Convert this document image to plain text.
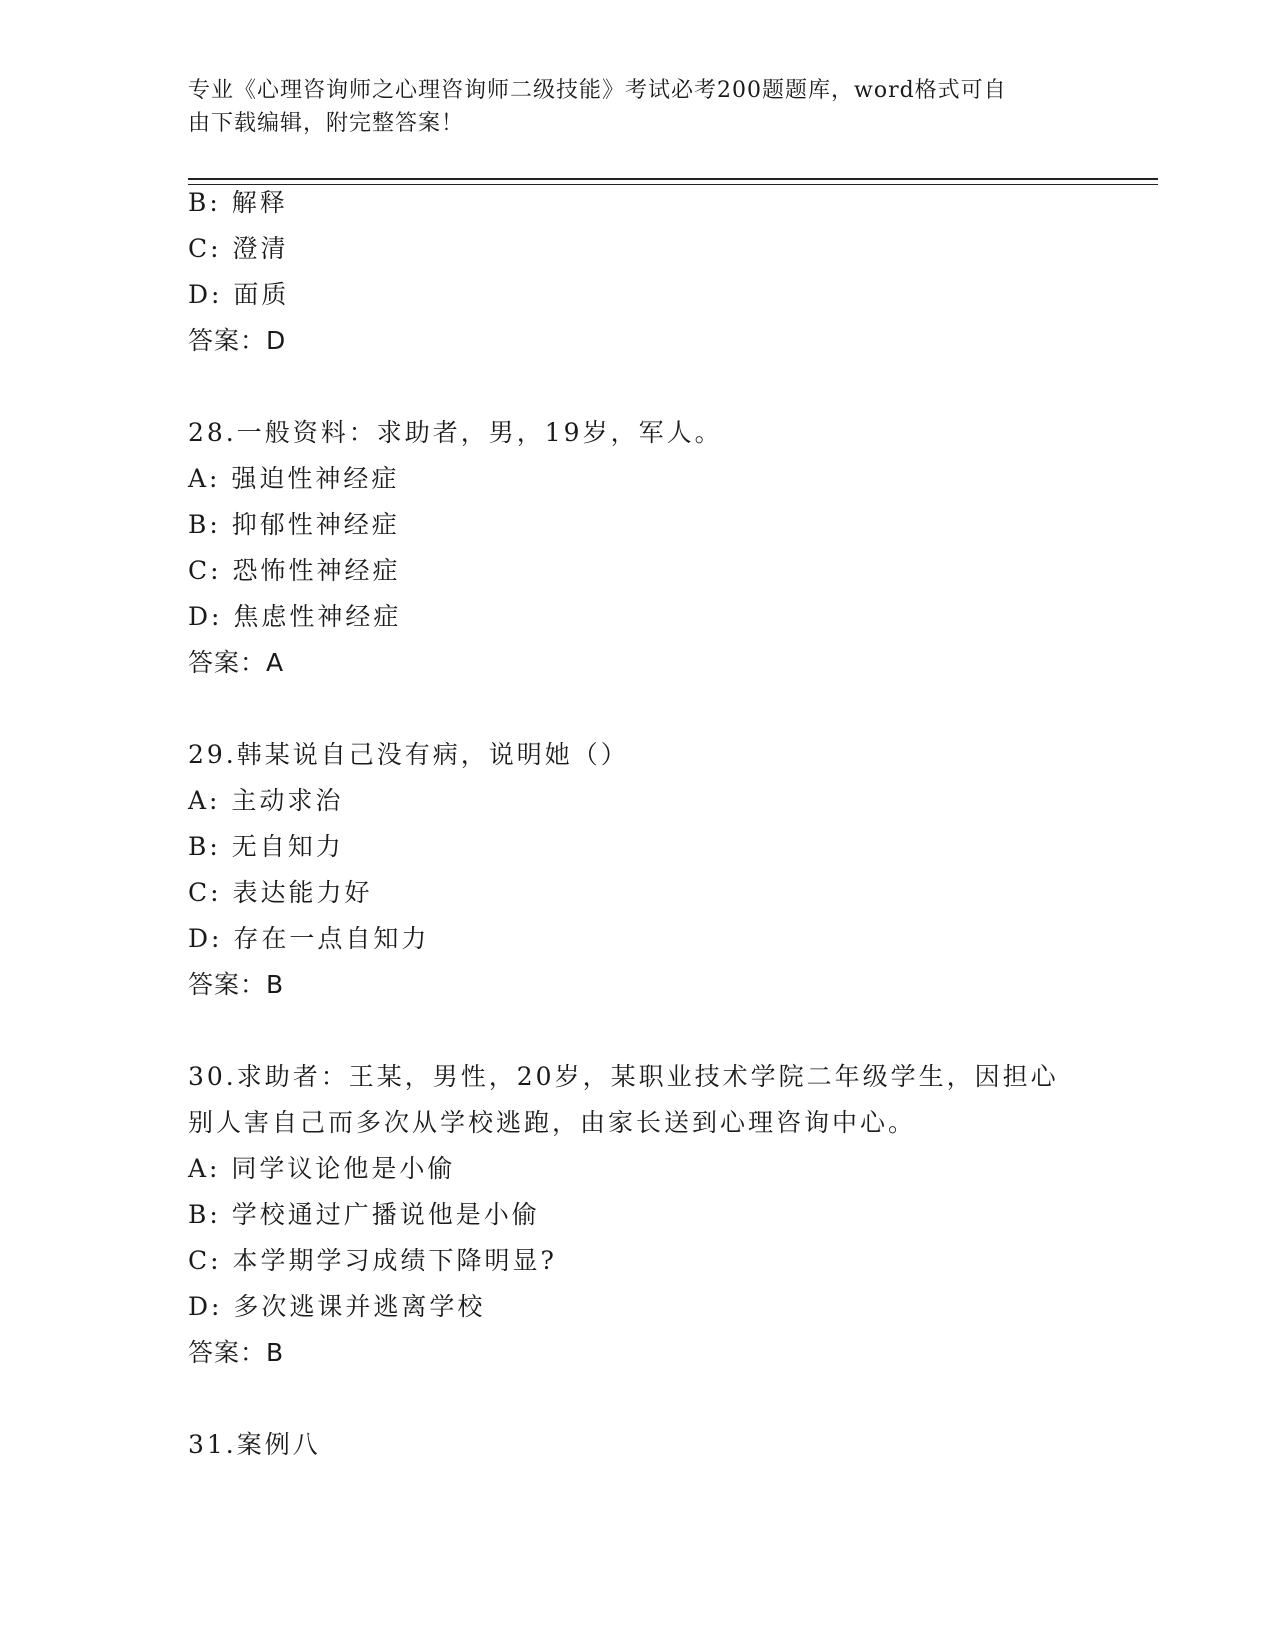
专业《心理咨询师之心理咨询师二级技能》考试必考200题题库，word格式可自
由下载编辑，附完整答案！
B: 解释
C: 澄清
D: 面质
答案：D
28.一般资料：求助者，男，19岁，军人。
A: 强迫性神经症
B: 抑郁性神经症
C: 恐怖性神经症
D: 焦虑性神经症
答案：A
29.韩某说自己没有病，说明她（）
A: 主动求治
B: 无自知力
C: 表达能力好
D: 存在一点自知力
答案：B
30.求助者：王某，男性，20岁，某职业技术学院二年级学生，因担心
别人害自己而多次从学校逃跑，由家长送到心理咨询中心。
A: 同学议论他是小偷
B: 学校通过广播说他是小偷
C: 本学期学习成绩下降明显?
D: 多次逃课并逃离学校
答案：B
31.案例八
